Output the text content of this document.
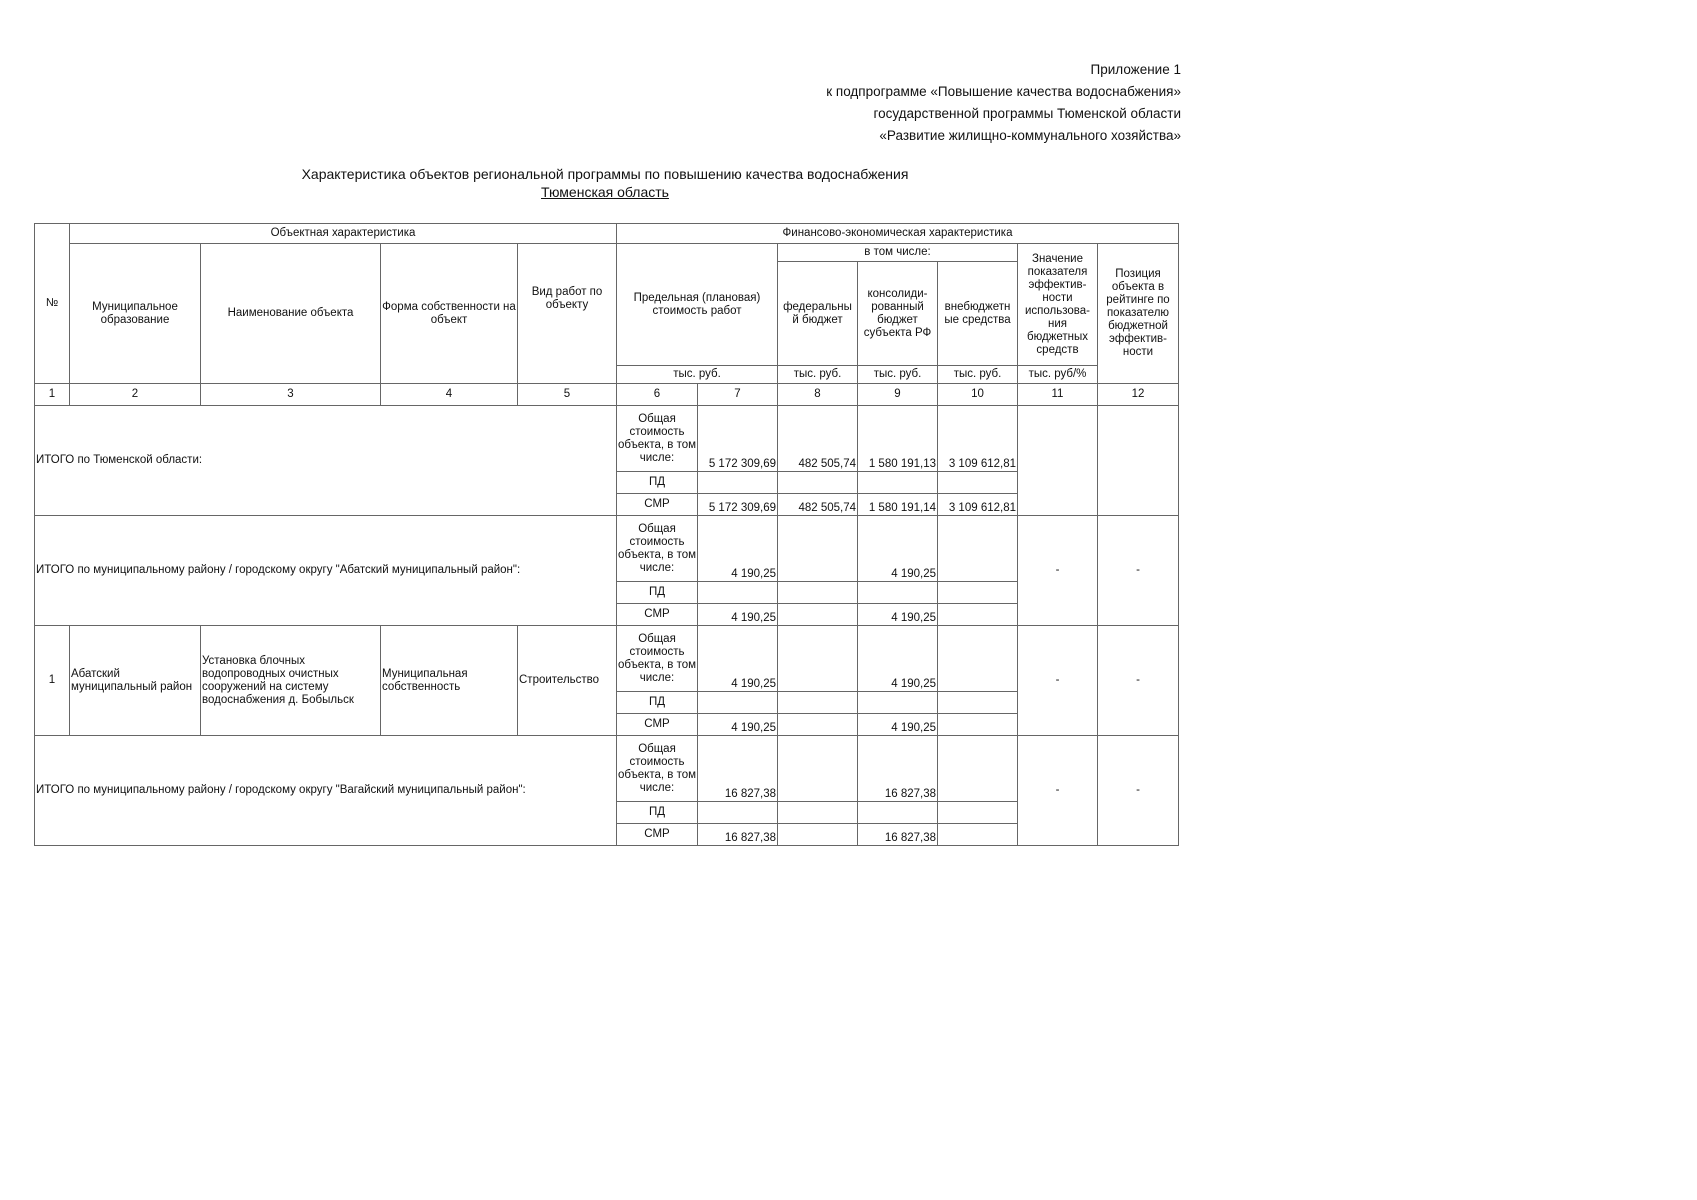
Приложение 1
к подпрограмме «Повышение качества водоснабжения»
государственной программы Тюменской области
«Развитие жилищно-коммунального хозяйства»
Характеристика объектов региональной программы по повышению качества водоснабжения
Тюменская область
№	Объектная характеристика				Финансово-экономическая характеристика						
	Муниципальное образование	Наименование объекта	Форма собственности на объект	Вид работ по объекту	Предельная (плановая) стоимость работ		в том числе:			Значение показателя эффектив-ности использова-ния бюджетных средств	Позиция объекта в рейтинге по показателю бюджетной эффектив-ности
							федеральны й бюджет	консолиди-рованный бюджет субъекта РФ	внебюджетн ые средства		
					тыс. руб.		тыс. руб.	тыс. руб.	тыс. руб.	тыс. руб/%	
1	2	3	4	5	6	7	8	9	10	11	12
ИТОГО по Тюменской области:					Общая стоимость объекта, в том числе:	5 172 309,69	482 505,74	1 580 191,13	3 109 612,81		
					ПД						
					СМР	5 172 309,69	482 505,74	1 580 191,14	3 109 612,81		
ИТОГО по муниципальному району / городскому округу "Абатский муниципальный район":					Общая стоимость объекта, в том числе:	4 190,25		4 190,25		-	-
					ПД						
					СМР	4 190,25		4 190,25			
1	Абатский муниципальный район	Установка блочных водопроводных очистных сооружений на систему водоснабжения д. Бобыльск	Муниципальная собственность	Строительство	Общая стоимость объекта, в том числе:	4 190,25		4 190,25		-	-
					ПД						
					СМР	4 190,25		4 190,25			
ИТОГО по муниципальному району / городскому округу "Вагайский муниципальный район":					Общая стоимость объекта, в том числе:	16 827,38		16 827,38		-	-
					ПД						
					СМР	16 827,38		16 827,38			
